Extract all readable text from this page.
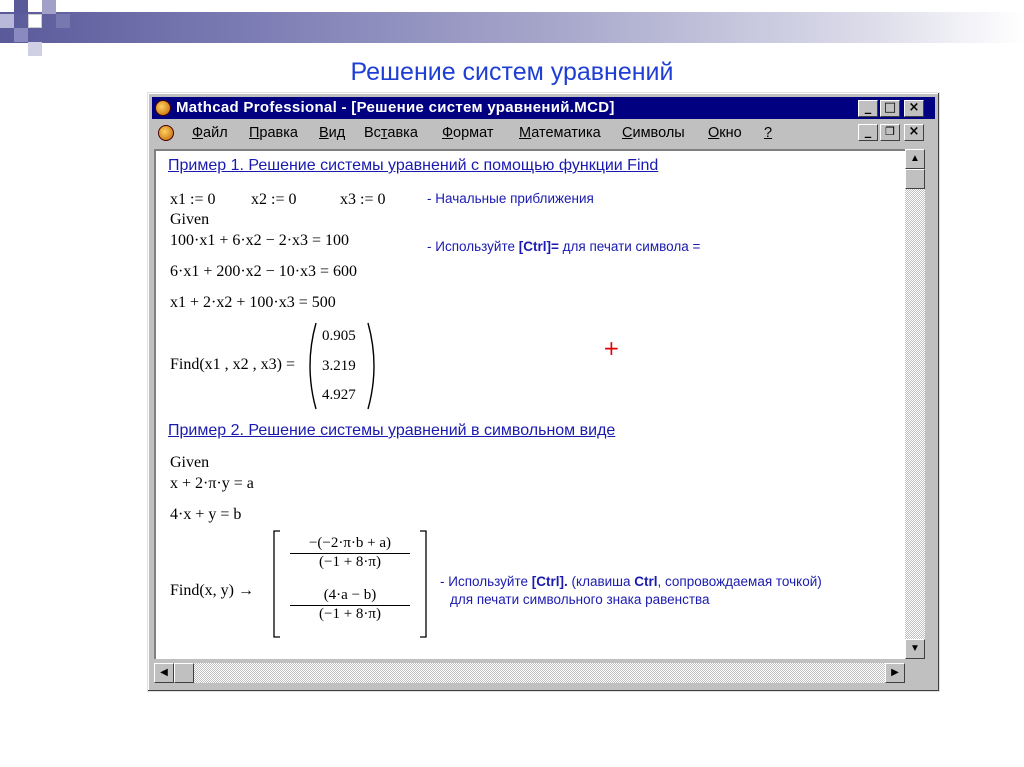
Решение систем уравнений
Mathcad Professional - [Решение систем уравнений.MCD]	_ □ ×
Файл Правка Вид Вставка Формат Математика Символы Окно ?	_	❐	×
Пример 1. Решение системы уравнений с помощью функции Find
x1 := 0 x2 := 0	x3 := 0	- Начальные приближения
Given
100·x1 + 6·x2 − 2·x3 = 100	- Используйте [Ctrl]= для печати символа =
6·x1 + 200·x2 − 10·x3 = 600
x1 + 2·x2 + 100·x3 = 500
Find(x1 , x2 , x3) =
0.905
3.219
4.927
+
Пример 2. Решение системы уравнений в символьном виде
Given
x + 2·π·y = a
4·x + y = b
Find(x, y) →
−(−2·π·b + a)
(−1 + 8·π)
(4·a − b)
(−1 + 8·π)
- Используйте [Ctrl]. (клавиша Ctrl, сопровождаемая точкой)
для печати символьного знака равенства
▲
▼
◀	▶
